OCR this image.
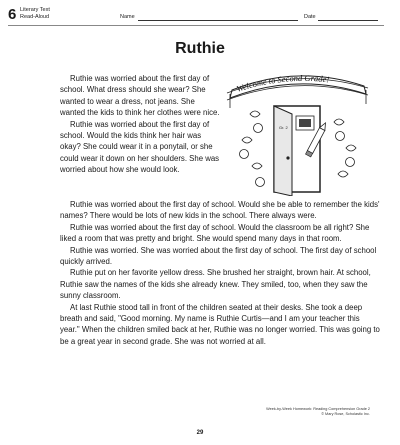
6 Literary Text
Read-Aloud	Name	Date
Ruthie

Ruthie was worried about the first day of school. What dress should she wear? She wanted to wear a dress, not jeans. She wanted the kids to think her clothes were nice.

Ruthie was worried about the first day of school. Would the kids think her hair was okay? She could wear it in a ponytail, or she could wear it down on her shoulders. She was worried about how she would look.

Welcome to Second Grade!
Gr. 2

Ruthie was worried about the first day of school. Would she be able to remember the kids' names? There would be lots of new kids in the school. There always were.

Ruthie was worried about the first day of school. Would the classroom be all right? She liked a room that was pretty and bright. She would spend many days in that room.

Ruthie was worried. She was worried about the first day of school. The first day of school quickly arrived.

Ruthie put on her favorite yellow dress. She brushed her straight, brown hair. At school, Ruthie saw the names of the kids she already knew. They smiled, too, when they saw the sunny classroom.

At last Ruthie stood tall in front of the children seated at their desks. She took a deep breath and said, "Good morning. My name is Ruthie Curtis—and I am your teacher this year." When the children smiled back at her, Ruthie was no longer worried. This was going to be a great year in second grade. She was not worried at all.

Week-by-Week Homework: Reading Comprehension Grade 2
© Mary Rose, Scholastic Inc.
29
